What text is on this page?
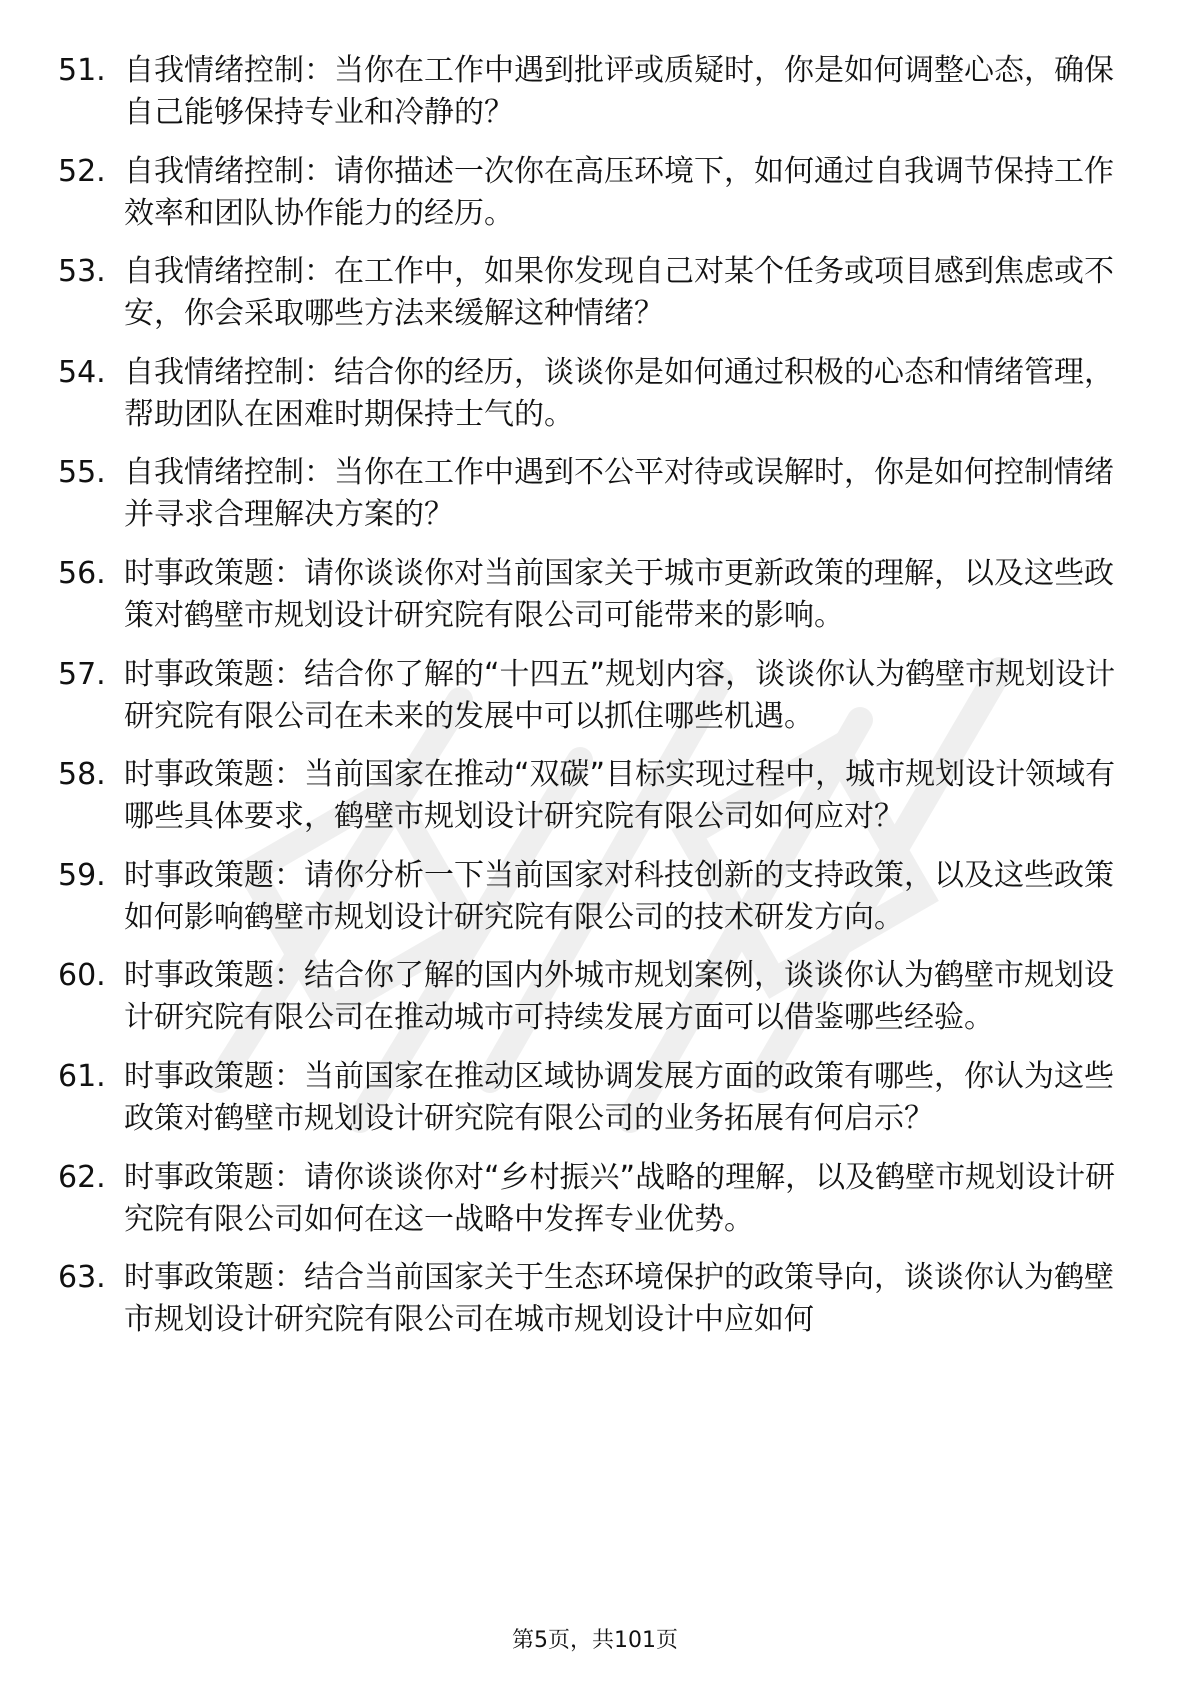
51. 自我情绪控制：当你在工作中遇到批评或质疑时，你是如何调整心态，确保自己能够保持专业和冷静的？
52. 自我情绪控制：请你描述一次你在高压环境下，如何通过自我调节保持工作效率和团队协作能力的经历。
53. 自我情绪控制：在工作中，如果你发现自己对某个任务或项目感到焦虑或不安，你会采取哪些方法来缓解这种情绪？
54. 自我情绪控制：结合你的经历，谈谈你是如何通过积极的心态和情绪管理，帮助团队在困难时期保持士气的。
55. 自我情绪控制：当你在工作中遇到不公平对待或误解时，你是如何控制情绪并寻求合理解决方案的？
56. 时事政策题：请你谈谈你对当前国家关于城市更新政策的理解，以及这些政策对鹤壁市规划设计研究院有限公司可能带来的影响。
57. 时事政策题：结合你了解的“十四五”规划内容，谈谈你认为鹤壁市规划设计研究院有限公司在未来的发展中可以抓住哪些机遇。
58. 时事政策题：当前国家在推动“双碳”目标实现过程中，城市规划设计领域有哪些具体要求，鹤壁市规划设计研究院有限公司如何应对？
59. 时事政策题：请你分析一下当前国家对科技创新的支持政策，以及这些政策如何影响鹤壁市规划设计研究院有限公司的技术研发方向。
60. 时事政策题：结合你了解的国内外城市规划案例，谈谈你认为鹤壁市规划设计研究院有限公司在推动城市可持续发展方面可以借鉴哪些经验。
61. 时事政策题：当前国家在推动区域协调发展方面的政策有哪些，你认为这些政策对鹤壁市规划设计研究院有限公司的业务拓展有何启示？
62. 时事政策题：请你谈谈你对“乡村振兴”战略的理解，以及鹤壁市规划设计研究院有限公司如何在这一战略中发挥专业优势。
63. 时事政策题：结合当前国家关于生态环境保护的政策导向，谈谈你认为鹤壁市规划设计研究院有限公司在城市规划设计中应如何
第5页，共101页
